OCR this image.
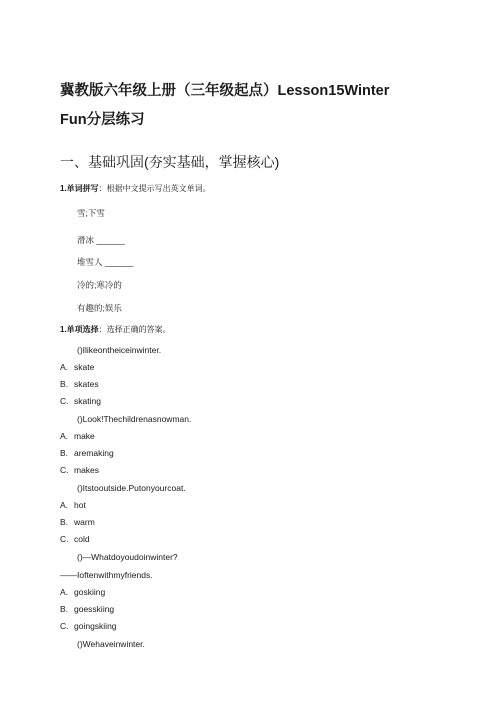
冀教版六年级上册（三年级起点）Lesson15Winter
Fun分层练习
一、基础巩固(夯实基础，掌握核心)
1.单词拼写：根据中文提示写出英文单词。
雪;下雪
滑冰 ______
堆雪人 ______
冷的;寒冷的
有趣的;娱乐
1.单项选择：选择正确的答案。
()Ilikeontheiceinwinter.
A. skate
B. skates
C. skating
()Look!Thechildrenasnowman.
A. make
B. aremaking
C. makes
()Itstooutside.Putonyourcoat.
A. hot
B. warm
C. cold
()—Whatdoyoudoinwinter?
——Ioftenwithmyfriends.
A. goskiing
B. goesskiing
C. goingskiing
()Wehaveinwinter.
